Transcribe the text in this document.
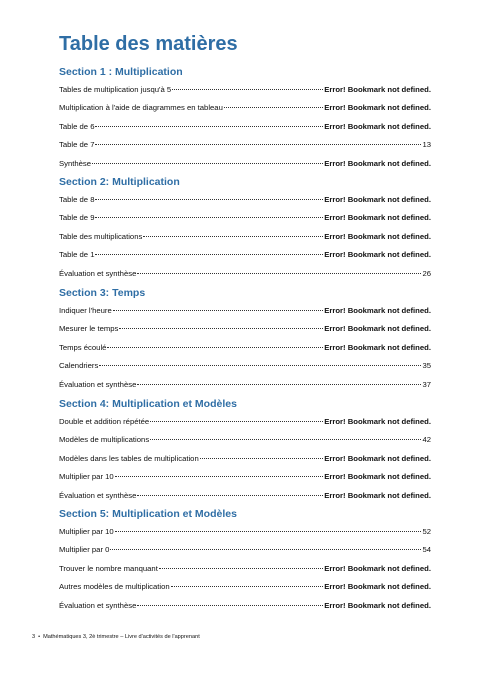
Table des matières
Section 1 : Multiplication
Tables de multiplication jusqu'à 5	Error! Bookmark not defined.
Multiplication à l'aide de diagrammes en tableau	Error! Bookmark not defined.
Table de 6	Error! Bookmark not defined.
Table de 7	13
Synthèse	Error! Bookmark not defined.
Section 2: Multiplication
Table de 8	Error! Bookmark not defined.
Table de 9	Error! Bookmark not defined.
Table des multiplications	Error! Bookmark not defined.
Table de 1	Error! Bookmark not defined.
Évaluation et synthèse	26
Section 3: Temps
Indiquer l'heure	Error! Bookmark not defined.
Mesurer le temps	Error! Bookmark not defined.
Temps écoulé	Error! Bookmark not defined.
Calendriers	35
Évaluation et synthèse	37
Section 4: Multiplication et Modèles
Double et addition répétée	Error! Bookmark not defined.
Modèles de multiplications	42
Modèles dans les tables de multiplication	Error! Bookmark not defined.
Multiplier par 10	Error! Bookmark not defined.
Évaluation et synthèse	Error! Bookmark not defined.
Section 5: Multiplication et Modèles
Multiplier par 10	52
Multiplier par 0	54
Trouver le nombre manquant	Error! Bookmark not defined.
Autres modèles de multiplication	Error! Bookmark not defined.
Évaluation et synthèse	Error! Bookmark not defined.
3 • Mathématiques 3, 2è trimestre – Livre d'activités de l'apprenant
